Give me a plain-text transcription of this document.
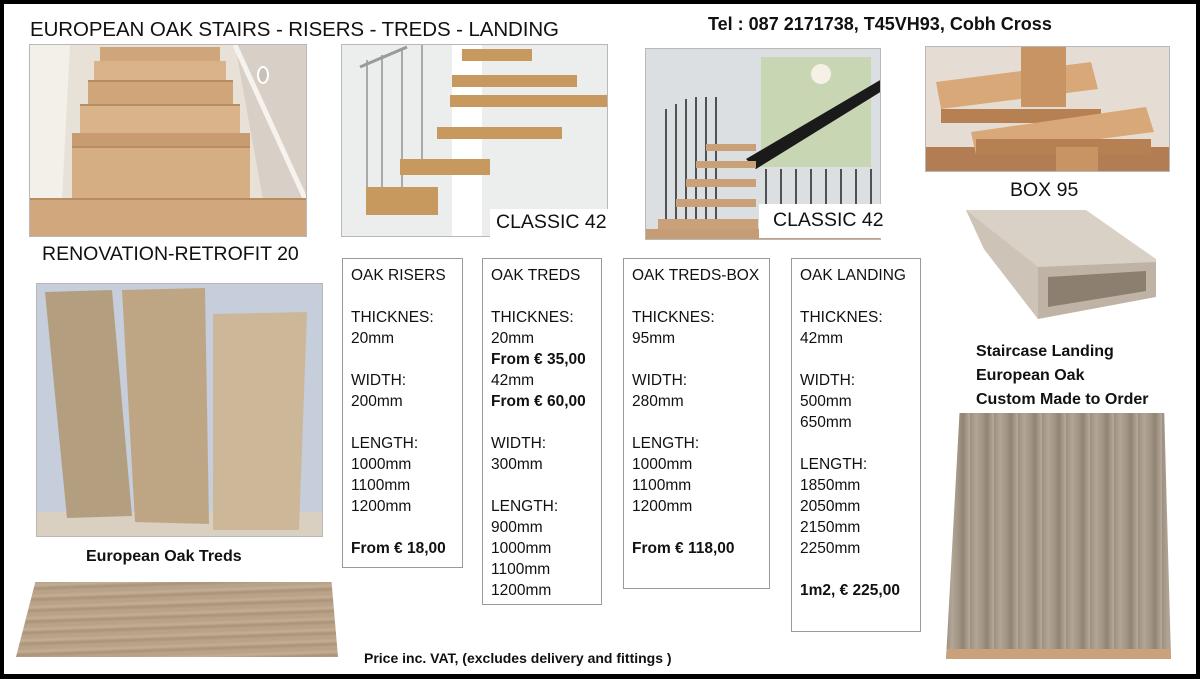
EUROPEAN OAK STAIRS - RISERS - TREDS - LANDING	Tel : 087 2171738, T45VH93, Cobh Cross
RENOVATION-RETROFIT 20
CLASSIC 42	CLASSIC 42
BOX 95
European Oak Treds
OAK RISERS
THICKNES:
20mm
WIDTH:
200mm
LENGTH:
1000mm
1100mm
1200mm
From € 18,00
OAK TREDS
THICKNES:
20mm
From € 35,00
42mm
From € 60,00
WIDTH:
300mm
LENGTH:
900mm
1000mm
1100mm
1200mm
OAK TREDS-BOX
THICKNES:
95mm
WIDTH:
280mm
LENGTH:
1000mm
1100mm
1200mm
From € 118,00
OAK LANDING
THICKNES:
42mm
WIDTH:
500mm
650mm
LENGTH:
1850mm
2050mm
2150mm
2250mm
1m2, € 225,00
Staircase Landing
European Oak
Custom Made to Order
Price inc. VAT, (excludes delivery and fittings )
